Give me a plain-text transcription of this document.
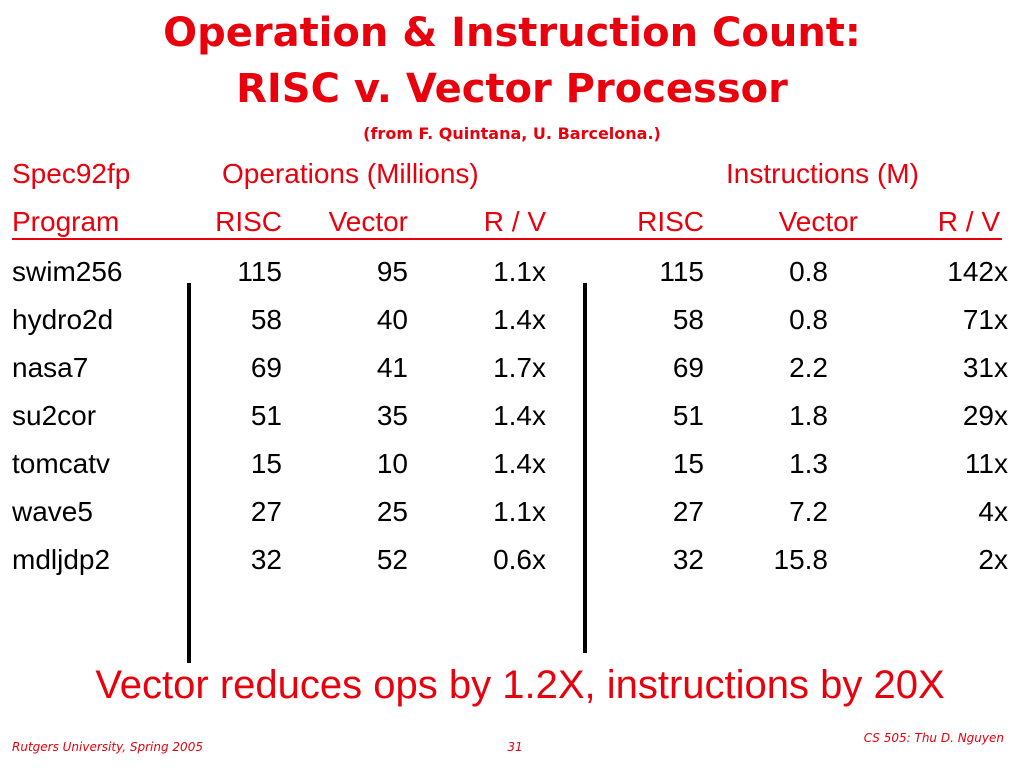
Operation & Instruction Count:
RISC v. Vector Processor
(from F. Quintana, U. Barcelona.)
Spec92fp	Operations (Millions)	Instructions (M)
Program	RISC	Vector	R / V	RISC	Vector	R / V
swim256	115	95	1.1x	115	0.8	142x
hydro2d	58	40	1.4x	58	0.8	71x
nasa7	69	41	1.7x	69	2.2	31x
su2cor	51	35	1.4x	51	1.8	29x
tomcatv	15	10	1.4x	15	1.3	11x
wave5	27	25	1.1x	27	7.2	4x
mdljdp2	32	52	0.6x	32	15.8	2x
Vector reduces ops by 1.2X, instructions by 20X
Rutgers University, Spring 2005	31
CS 505: Thu D. Nguyen
